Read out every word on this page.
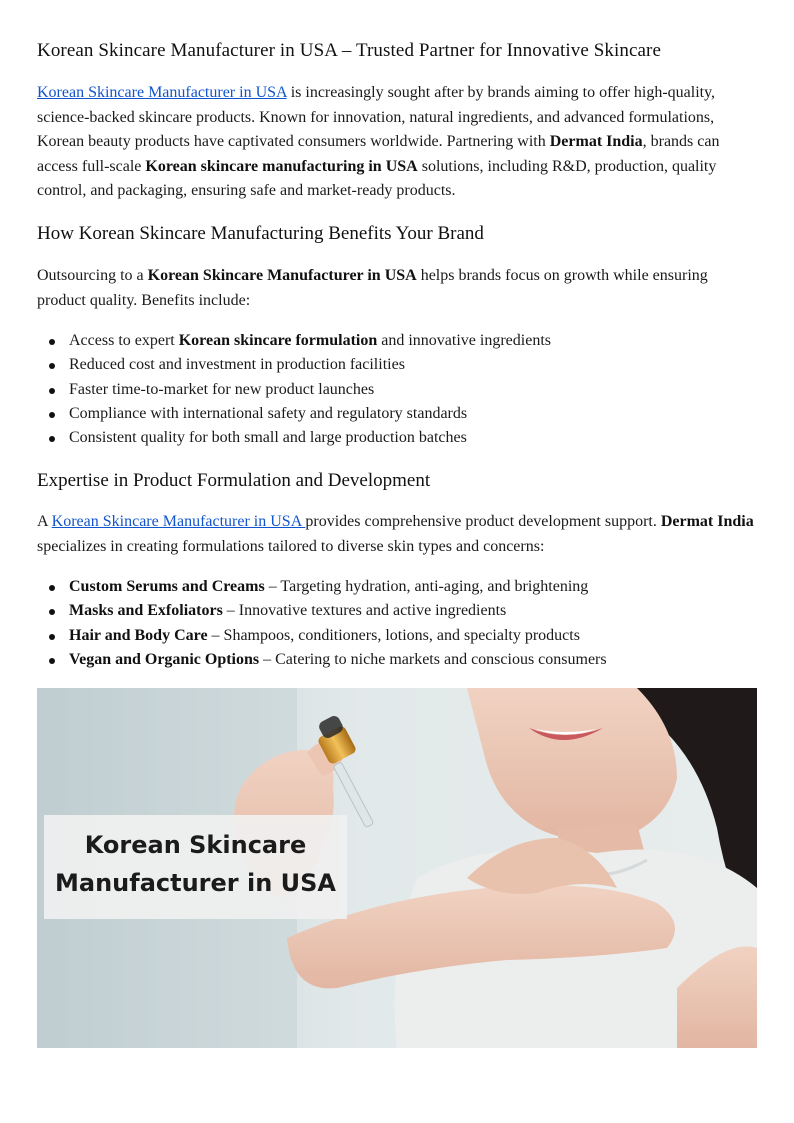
Korean Skincare Manufacturer in USA – Trusted Partner for Innovative Skincare

Korean Skincare Manufacturer in USA is increasingly sought after by brands aiming to offer high-quality, science-backed skincare products. Known for innovation, natural ingredients, and advanced formulations, Korean beauty products have captivated consumers worldwide. Partnering with Dermat India, brands can access full-scale Korean skincare manufacturing in USA solutions, including R&D, production, quality control, and packaging, ensuring safe and market-ready products.

How Korean Skincare Manufacturing Benefits Your Brand

Outsourcing to a Korean Skincare Manufacturer in USA helps brands focus on growth while ensuring product quality. Benefits include:

Access to expert Korean skincare formulation and innovative ingredients
Reduced cost and investment in production facilities
Faster time-to-market for new product launches
Compliance with international safety and regulatory standards
Consistent quality for both small and large production batches
Expertise in Product Formulation and Development

A Korean Skincare Manufacturer in USA provides comprehensive product development support. Dermat India specializes in creating formulations tailored to diverse skin types and concerns:

Custom Serums and Creams – Targeting hydration, anti-aging, and brightening
Masks and Exfoliators – Innovative textures and active ingredients
Hair and Body Care – Shampoos, conditioners, lotions, and specialty products
Vegan and Organic Options – Catering to niche markets and conscious consumers
Korean Skincare
Manufacturer in USA
